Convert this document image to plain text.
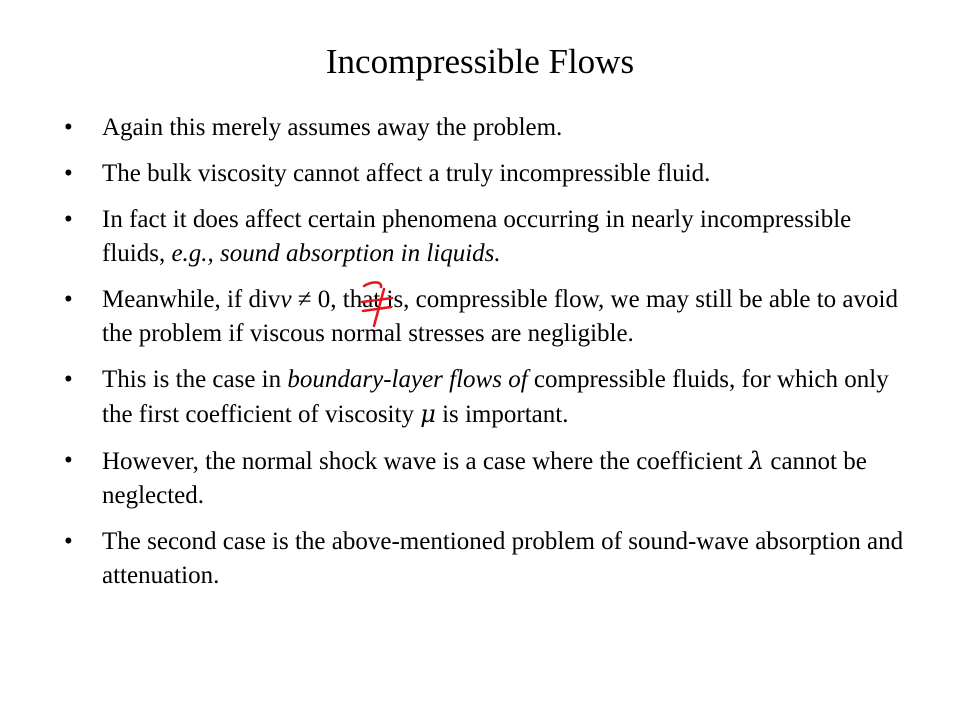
Incompressible Flows
• Again this merely assumes away the problem.
• The bulk viscosity cannot affect a truly incompressible fluid.
• In fact it does affect certain phenomena occurring in nearly incompressible fluids, e.g., sound absorption in liquids.
• Meanwhile, if divv ≠ 0, that is, compressible flow, we may still be able to avoid the problem if viscous normal stresses are negligible.
• This is the case in boundary-layer flows of compressible fluids, for which only the first coefficient of viscosity μ is important.
• However, the normal shock wave is a case where the coefficient λ cannot be neglected.
• The second case is the above-mentioned problem of sound-wave absorption and attenuation.
